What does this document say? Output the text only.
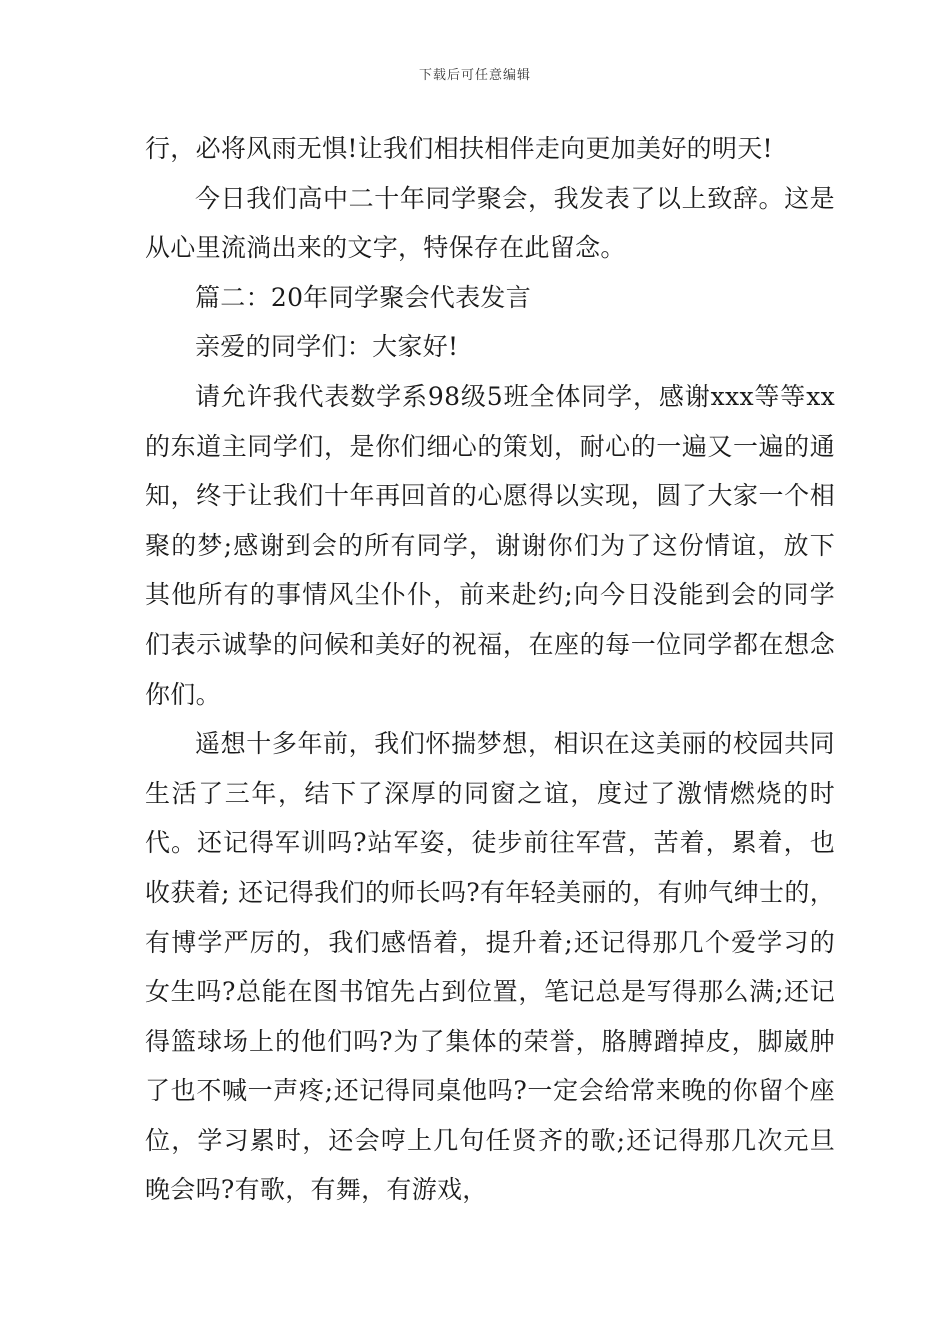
下载后可任意编辑

行，必将风雨无惧!让我们相扶相伴走向更加美好的明天!

今日我们高中二十年同学聚会，我发表了以上致辞。这是从心里流淌出来的文字，特保存在此留念。

篇二：20年同学聚会代表发言

亲爱的同学们：大家好!

请允许我代表数学系98级5班全体同学，感谢xxx等等xx的东道主同学们，是你们细心的策划，耐心的一遍又一遍的通知，终于让我们十年再回首的心愿得以实现，圆了大家一个相聚的梦;感谢到会的所有同学，谢谢你们为了这份情谊，放下其他所有的事情风尘仆仆，前来赴约;向今日没能到会的同学们表示诚挚的问候和美好的祝福，在座的每一位同学都在想念你们。

遥想十多年前，我们怀揣梦想，相识在这美丽的校园共同生活了三年，结下了深厚的同窗之谊，度过了激情燃烧的时代。还记得军训吗?站军姿，徒步前往军营，苦着，累着，也收获着; 还记得我们的师长吗?有年轻美丽的，有帅气绅士的，有博学严厉的，我们感悟着，提升着;还记得那几个爱学习的女生吗?总能在图书馆先占到位置，笔记总是写得那么满;还记得篮球场上的他们吗?为了集体的荣誉，胳膊蹭掉皮，脚崴肿了也不喊一声疼;还记得同桌他吗?一定会给常来晚的你留个座位，学习累时，还会哼上几句任贤齐的歌;还记得那几次元旦晚会吗?有歌，有舞，有游戏，
